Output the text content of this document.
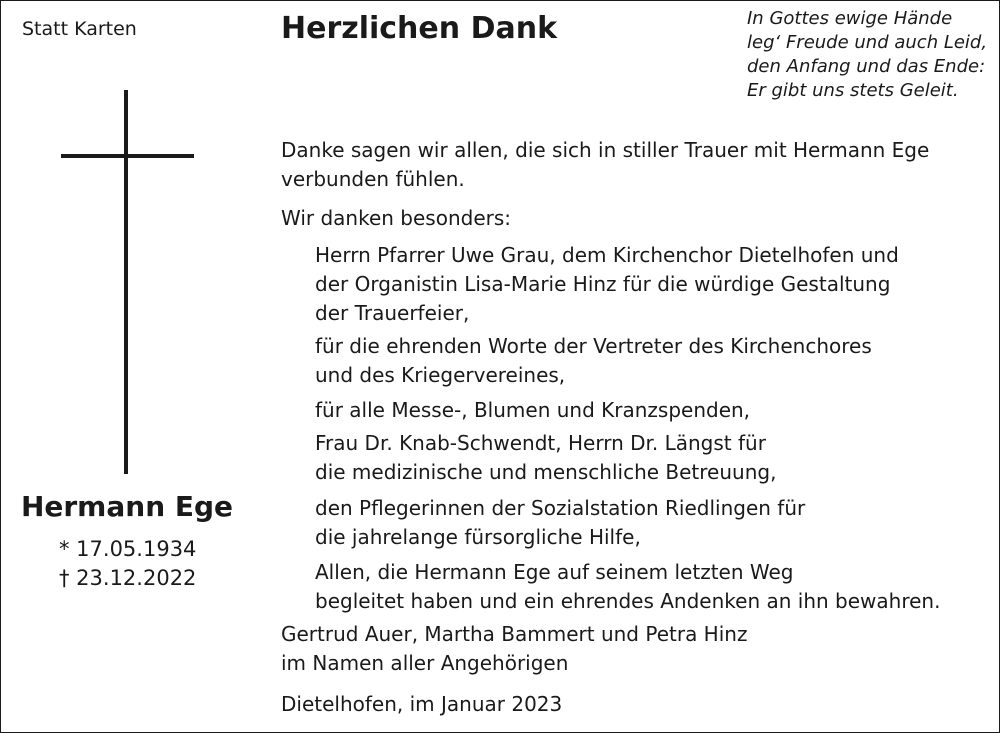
Statt Karten	Herzlichen Dank	In Gottes ewige Hände
leg‘ Freude und auch Leid,
den Anfang und das Ende:
Er gibt uns stets Geleit.
Hermann Ege
* 17.05.1934
† 23.12.2022
Danke sagen wir allen, die sich in stiller Trauer mit Hermann Ege
verbunden fühlen.
Wir danken besonders:
Herrn Pfarrer Uwe Grau, dem Kirchenchor Dietelhofen und
der Organistin Lisa-Marie Hinz für die würdige Gestaltung
der Trauerfeier,
für die ehrenden Worte der Vertreter des Kirchenchores
und des Kriegervereines,
für alle Messe-, Blumen und Kranzspenden,
Frau Dr. Knab-Schwendt, Herrn Dr. Längst für
die medizinische und menschliche Betreuung,
den Pflegerinnen der Sozialstation Riedlingen für
die jahrelange fürsorgliche Hilfe,
Allen, die Hermann Ege auf seinem letzten Weg
begleitet haben und ein ehrendes Andenken an ihn bewahren.
Gertrud Auer, Martha Bammert und Petra Hinz
im Namen aller Angehörigen
Dietelhofen, im Januar 2023
